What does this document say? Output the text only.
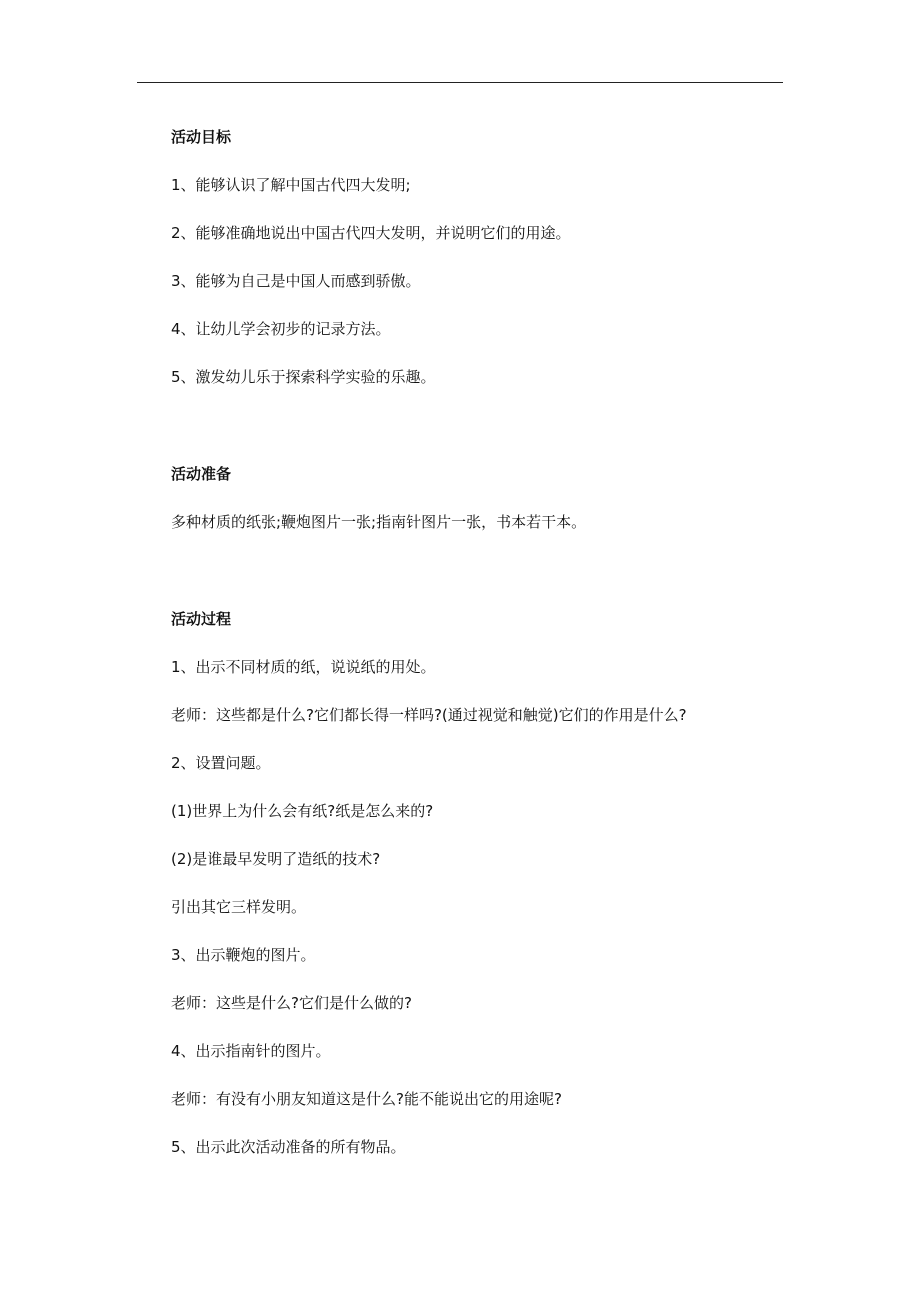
活动目标
1、能够认识了解中国古代四大发明;
2、能够准确地说出中国古代四大发明，并说明它们的用途。
3、能够为自己是中国人而感到骄傲。
4、让幼儿学会初步的记录方法。
5、激发幼儿乐于探索科学实验的乐趣。
活动准备
多种材质的纸张;鞭炮图片一张;指南针图片一张，书本若干本。
活动过程
1、出示不同材质的纸，说说纸的用处。
老师：这些都是什么?它们都长得一样吗?(通过视觉和触觉)它们的作用是什么?
2、设置问题。
(1)世界上为什么会有纸?纸是怎么来的?
(2)是谁最早发明了造纸的技术?
引出其它三样发明。
3、出示鞭炮的图片。
老师：这些是什么?它们是什么做的?
4、出示指南针的图片。
老师：有没有小朋友知道这是什么?能不能说出它的用途呢?
5、出示此次活动准备的所有物品。
